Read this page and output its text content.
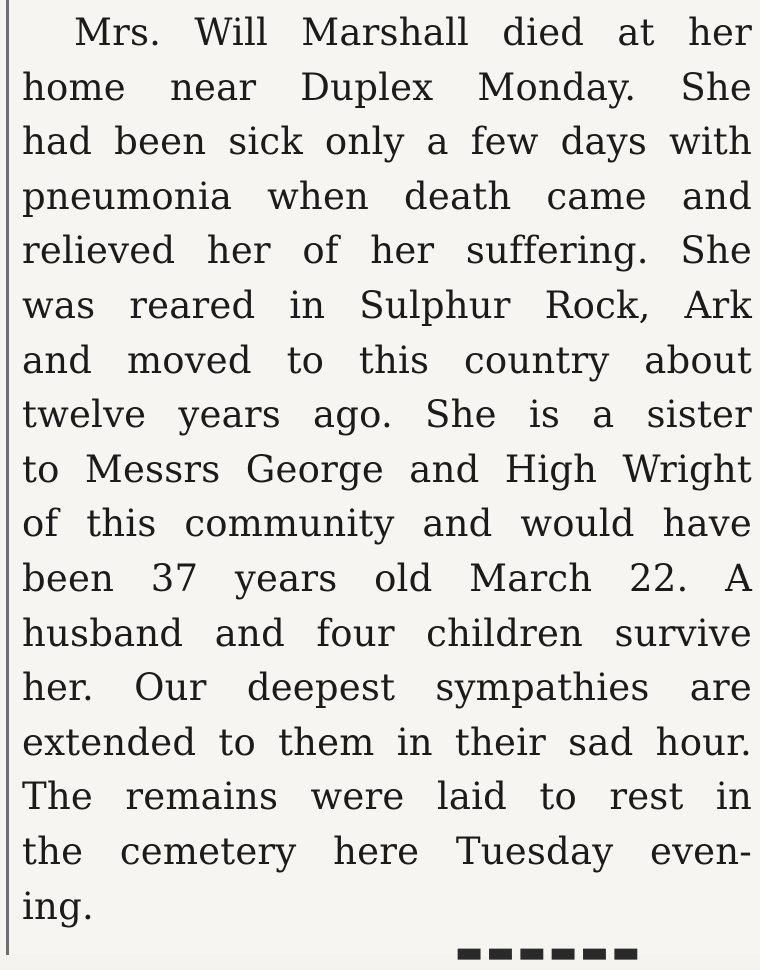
Mrs. Will Marshall died at her
home near Duplex Monday. She
had been sick only a few days with
pneumonia when death came and
relieved her of her suffering. She
was reared in Sulphur Rock, Ark
and moved to this country about
twelve years ago. She is a sister
to Messrs George and High Wright
of this community and would have
been 37 years old March 22. A
husband and four children survive
her. Our deepest sympathies are
extended to them in their sad hour.
The remains were laid to rest in
the cemetery here Tuesday even-
ing.
▬▬▬▬▬▬
